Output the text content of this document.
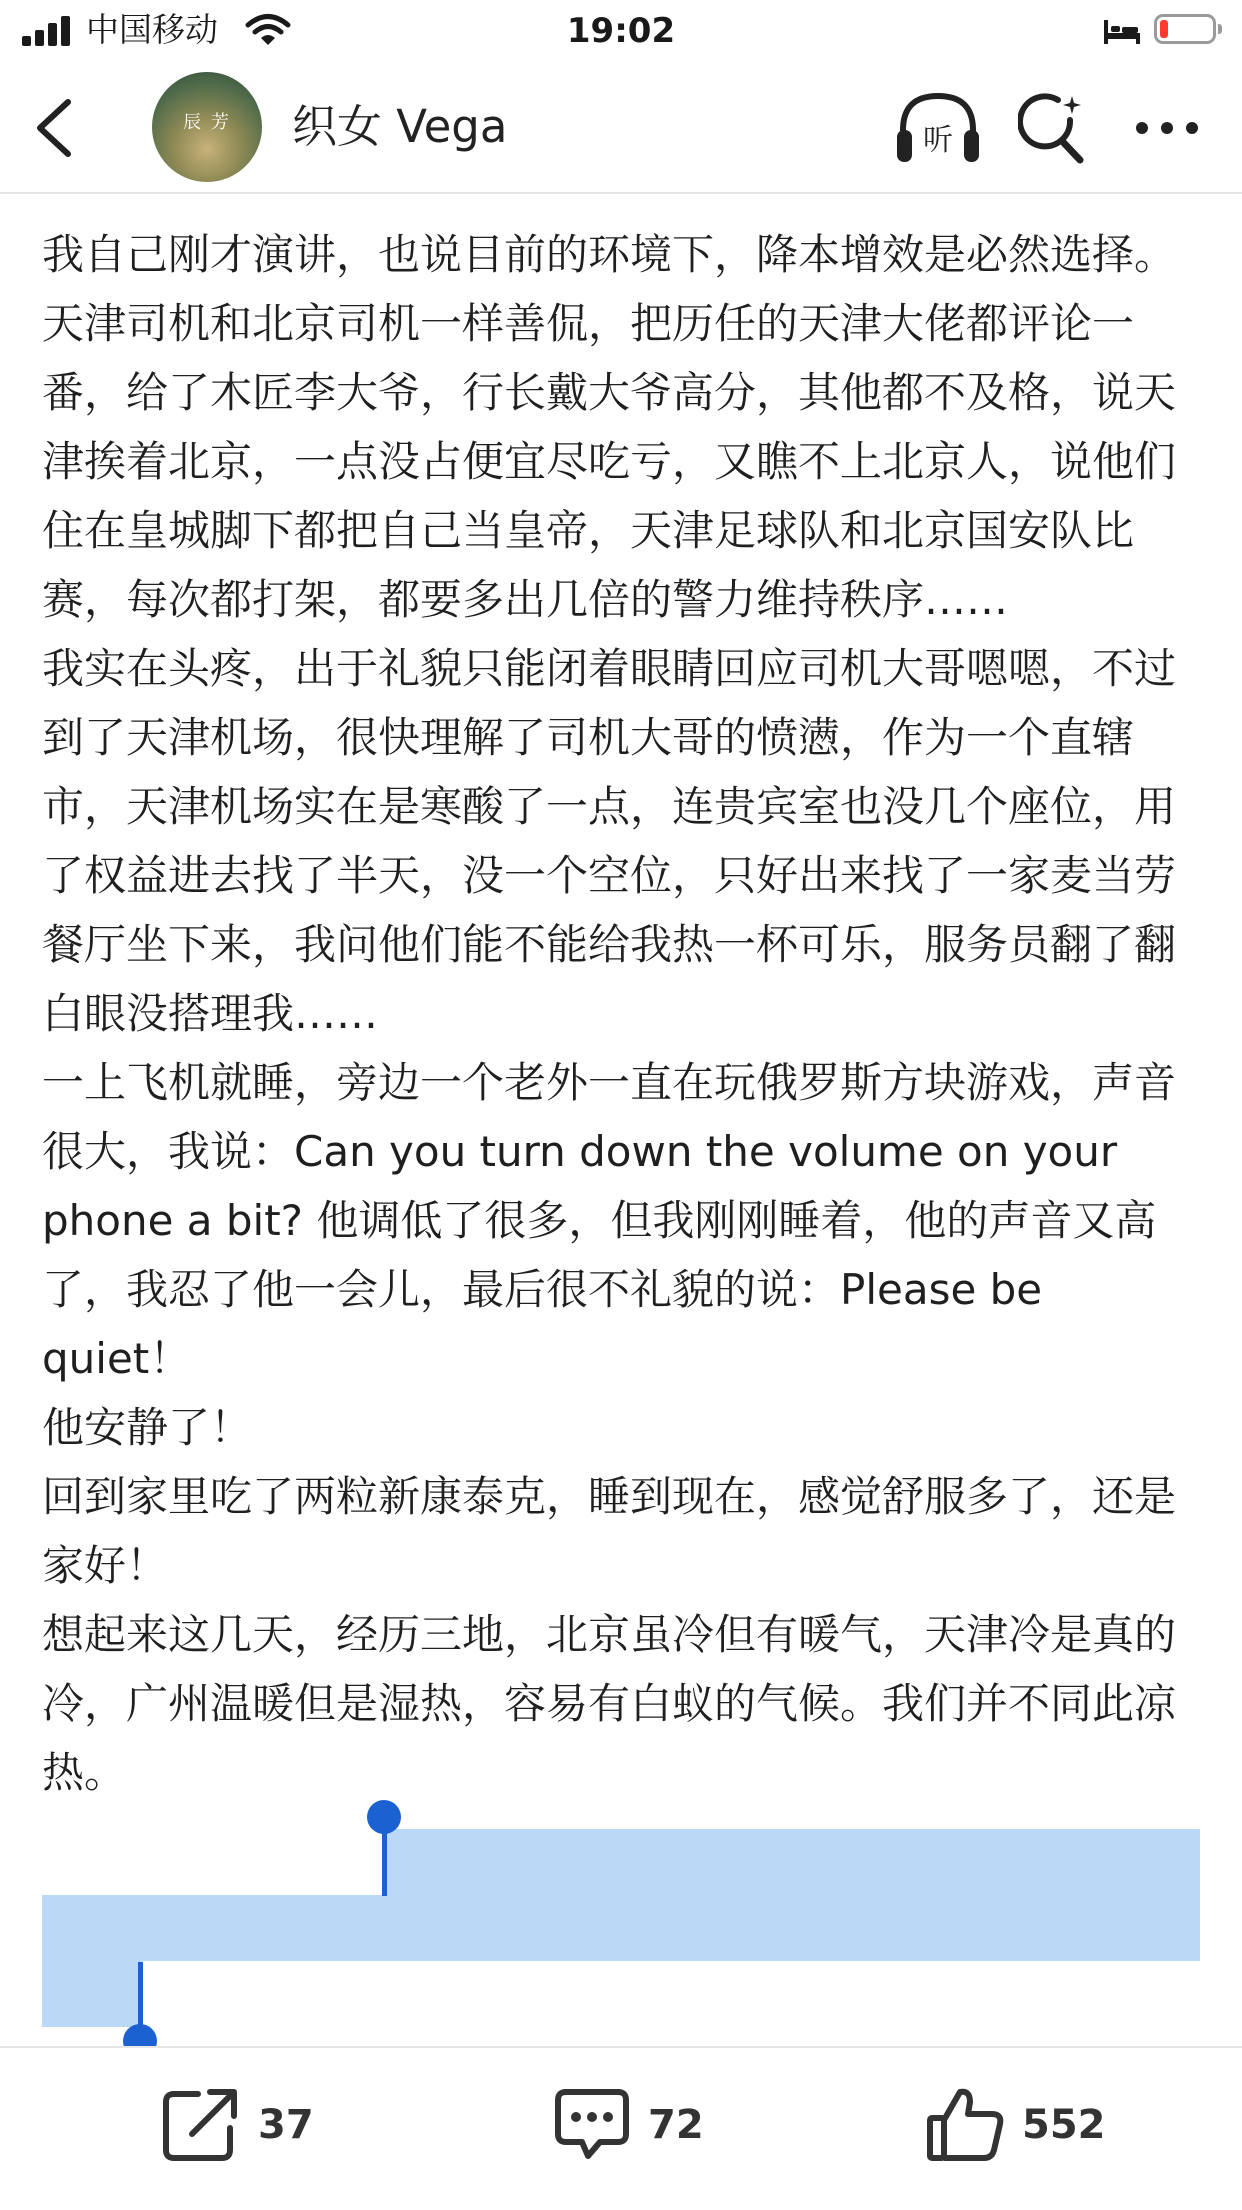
中国移动	19:02
辰 芳	织女 Vega	听

我自己刚才演讲，也说目前的环境下，降本增效是必然选择。

天津司机和北京司机一样善侃，把历任的天津大佬都评论一番，给了木匠李大爷，行长戴大爷高分，其他都不及格，说天津挨着北京，一点没占便宜尽吃亏，又瞧不上北京人，说他们住在皇城脚下都把自己当皇帝，天津足球队和北京国安队比赛，每次都打架，都要多出几倍的警力维持秩序……

我实在头疼，出于礼貌只能闭着眼睛回应司机大哥嗯嗯，不过到了天津机场，很快理解了司机大哥的愤懑，作为一个直辖市，天津机场实在是寒酸了一点，连贵宾室也没几个座位，用了权益进去找了半天，没一个空位，只好出来找了一家麦当劳餐厅坐下来，我问他们能不能给我热一杯可乐，服务员翻了翻白眼没搭理我……

一上飞机就睡，旁边一个老外一直在玩俄罗斯方块游戏，声音很大，我说：Can you turn down the volume on your phone a bit? 他调低了很多，但我刚刚睡着，他的声音又高了，我忍了他一会儿，最后很不礼貌的说：Please be quiet！

他安静了！

回到家里吃了两粒新康泰克，睡到现在，感觉舒服多了，还是家好！

想起来这几天，经历三地，北京虽冷但有暖气，天津冷是真的冷，广州温暖但是湿热，容易有白蚁的气候。我们并不同此凉热。

37	72	552
